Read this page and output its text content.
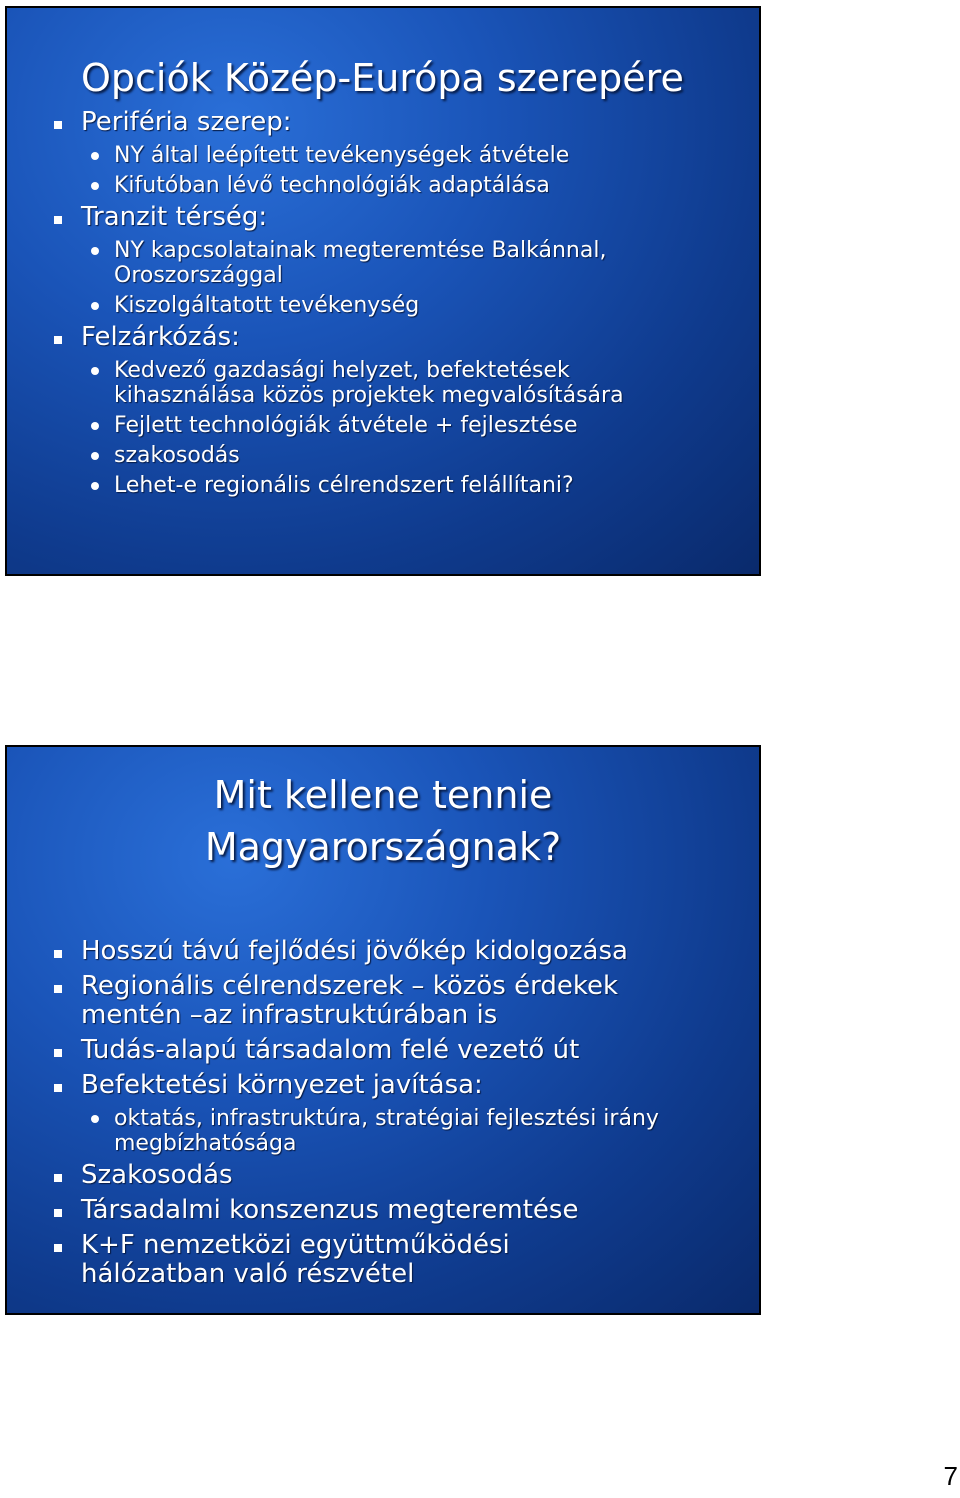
Opciók Közép-Európa szerepére
Periféria szerep:
NY által leépített tevékenységek átvétele
Kifutóban lévő technológiák adaptálása
Tranzit térség:
NY kapcsolatainak megteremtése Balkánnal, Oroszországgal
Kiszolgáltatott tevékenység
Felzárkózás:
Kedvező gazdasági helyzet, befektetések kihasználása közös projektek megvalósítására
Fejlett technológiák átvétele + fejlesztése
szakosodás
Lehet-e regionális célrendszert felállítani?
Mit kellene tennie
Magyarországnak?
Hosszú távú fejlődési jövőkép kidolgozása
Regionális célrendszerek – közös érdekek mentén –az infrastruktúrában is
Tudás-alapú társadalom felé vezető út
Befektetési környezet javítása:
oktatás, infrastruktúra, stratégiai fejlesztési irány megbízhatósága
Szakosodás
Társadalmi konszenzus megteremtése
K+F nemzetközi együttműködési hálózatban való részvétel
7
